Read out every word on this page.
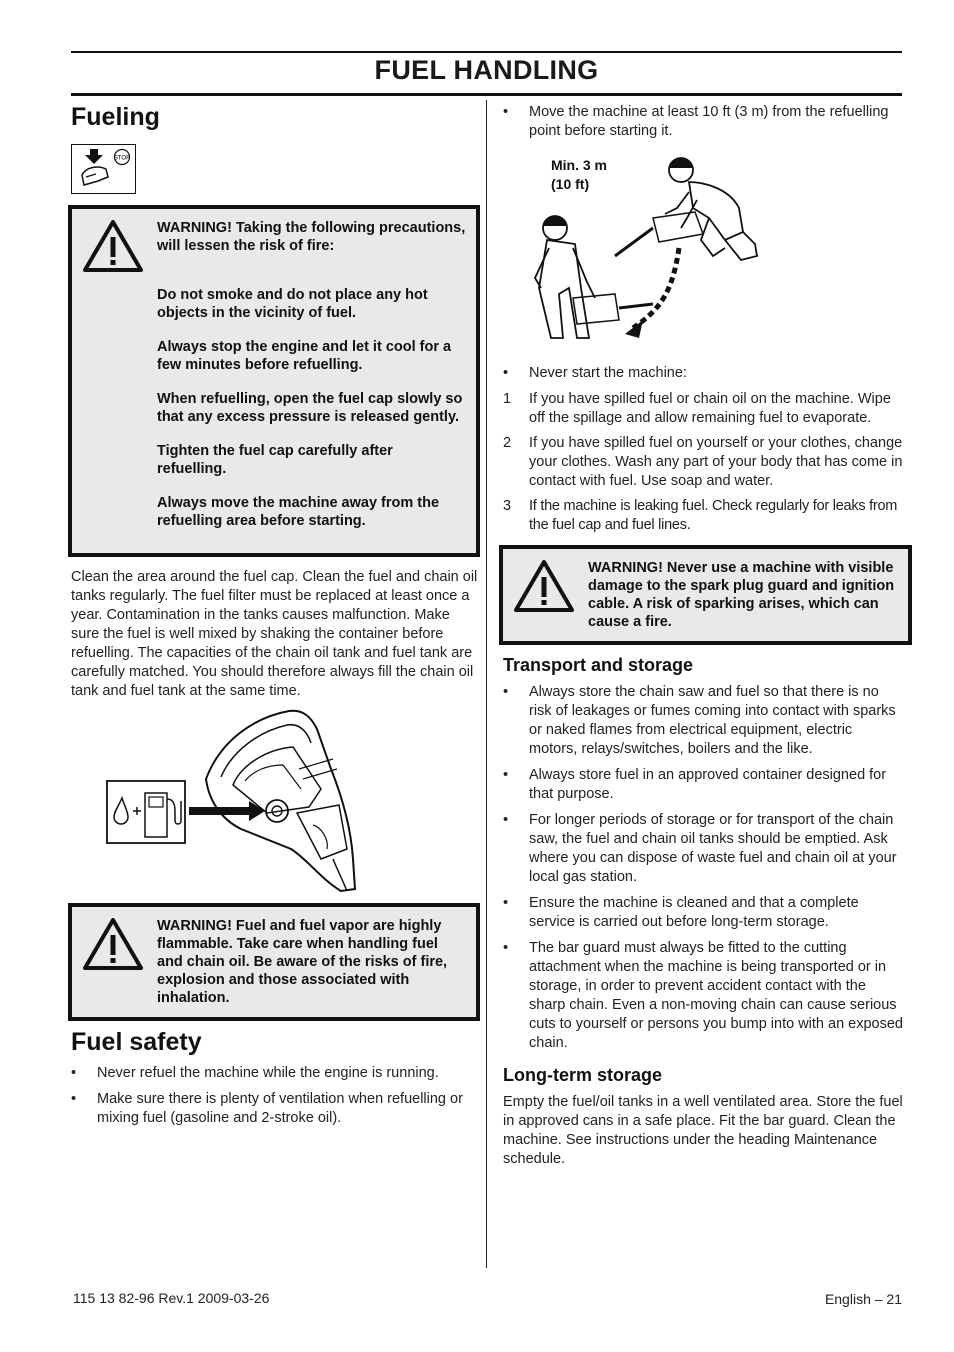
FUEL HANDLING
Fueling
STOP
WARNING! Taking the following precautions, will lessen the risk of fire:
Do not smoke and do not place any hot objects in the vicinity of fuel.
Always stop the engine and let it cool for a few minutes before refuelling.
When refuelling, open the fuel cap slowly so that any excess pressure is released gently.
Tighten the fuel cap carefully after refuelling.
Always move the machine away from the refuelling area before starting.

Clean the area around the fuel cap. Clean the fuel and chain oil tanks regularly. The fuel filter must be replaced at least once a year. Contamination in the tanks causes malfunction. Make sure the fuel is well mixed by shaking the container before refuelling. The capacities of the chain oil tank and fuel tank are carefully matched. You should therefore always fill the chain oil tank and fuel tank at the same time.

WARNING! Fuel and fuel vapor are highly flammable. Take care when handling fuel and chain oil. Be aware of the risks of fire, explosion and those associated with inhalation.
Fuel safety
•	Never refuel the machine while the engine is running.
•	Make sure there is plenty of ventilation when refuelling or mixing fuel (gasoline and 2-stroke oil).
•	Move the machine at least 10 ft (3 m) from the refuelling point before starting it.
Min. 3 m
(10 ft)
•	Never start the machine:
1 If you have spilled fuel or chain oil on the machine. Wipe off the spillage and allow remaining fuel to evaporate.
2 If you have spilled fuel on yourself or your clothes, change your clothes. Wash any part of your body that has come in contact with fuel. Use soap and water.
3 If the machine is leaking fuel. Check regularly for leaks from the fuel cap and fuel lines.
WARNING! Never use a machine with visible damage to the spark plug guard and ignition cable. A risk of sparking arises, which can cause a fire.
Transport and storage
•	Always store the chain saw and fuel so that there is no risk of leakages or fumes coming into contact with sparks or naked flames from electrical equipment, electric motors, relays/switches, boilers and the like.
•	Always store fuel in an approved container designed for that purpose.
•	For longer periods of storage or for transport of the chain saw, the fuel and chain oil tanks should be emptied. Ask where you can dispose of waste fuel and chain oil at your local gas station.
•	Ensure the machine is cleaned and that a complete service is carried out before long-term storage.
•	The bar guard must always be fitted to the cutting attachment when the machine is being transported or in storage, in order to prevent accident contact with the sharp chain. Even a non-moving chain can cause serious cuts to yourself or persons you bump into with an exposed chain.
Long-term storage

Empty the fuel/oil tanks in a well ventilated area. Store the fuel in approved cans in a safe place. Fit the bar guard. Clean the machine. See instructions under the heading Maintenance schedule.

115 13 82-96 Rev.1 2009-03-26	English – 21
